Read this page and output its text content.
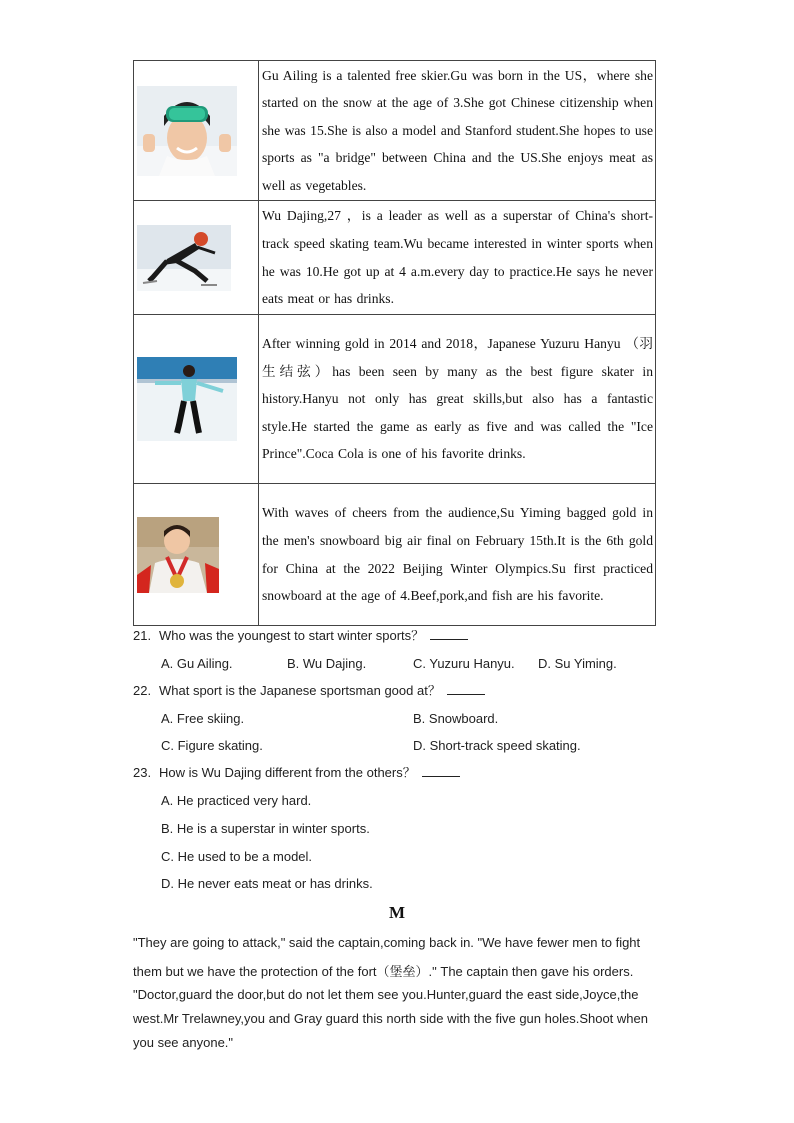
	Gu Ailing is a talented free skier.Gu was born in the US，where she started on the snow at the age of 3.She got Chinese citizenship when she was 15.She is also a model and Stanford student.She hopes to use sports as "a bridge" between China and the US.She enjoys meat as well as vegetables.

	Wu Dajing,27 ，is a leader as well as a superstar of China's short-track speed skating team.Wu became interested in winter sports when he was 10.He got up at 4 a.m.every day to practice.He says he never eats meat or has drinks.

	After winning gold in 2014 and 2018，Japanese Yuzuru Hanyu （羽生结弦）has been seen by many as the best figure skater in history.Hanyu not only has great skills,but also has a fantastic style.He started the game as early as five and was called the "Ice Prince".Coca Cola is one of his favorite drinks.

	With waves of cheers from the audience,Su Yiming bagged gold in the men's snowboard big air final on February 15th.It is the 6th gold for China at the 2022 Beijing Winter Olympics.Su first practiced snowboard at the age of 4.Beef,pork,and fish are his favorite.
21. Who was the youngest to start winter sports？
A. Gu Ailing.	B. Wu Dajing.	C. Yuzuru Hanyu. D. Su Yiming.
22. What sport is the Japanese sportsman good at？
A. Free skiing.	B. Snowboard.
C. Figure skating.	D. Short-track speed skating.
23. How is Wu Dajing different from the others？
A. He practiced very hard.
B. He is a superstar in winter sports.
C. He used to be a model.
D. He never eats meat or has drinks.
M
"They are going to attack," said the captain,coming back in. "We have fewer men to fight
them but we have the protection of the fort（堡垒）." The captain then gave his orders.
"Doctor,guard the door,but do not let them see you.Hunter,guard the east side,Joyce,the
west.Mr Trelawney,you and Gray guard this north side with the five gun holes.Shoot when
you see anyone."
